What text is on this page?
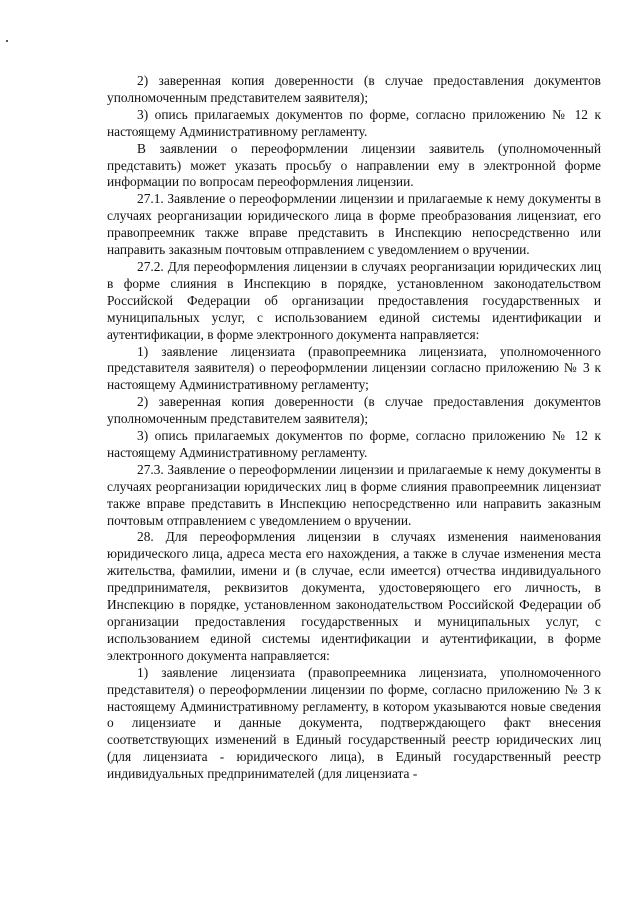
2) заверенная копия доверенности (в случае предоставления документов уполномоченным представителем заявителя);

3) опись прилагаемых документов по форме, согласно приложению № 12 к настоящему Административному регламенту.

В заявлении о переоформлении лицензии заявитель (уполномоченный представить) может указать просьбу о направлении ему в электронной форме информации по вопросам переоформления лицензии.

27.1. Заявление о переоформлении лицензии и прилагаемые к нему документы в случаях реорганизации юридического лица в форме преобразования лицензиат, его правопреемник также вправе представить в Инспекцию непосредственно или направить заказным почтовым отправлением с уведомлением о вручении.

27.2. Для переоформления лицензии в случаях реорганизации юридических лиц в форме слияния в Инспекцию в порядке, установленном законодательством Российской Федерации об организации предоставления государственных и муниципальных услуг, с использованием единой системы идентификации и аутентификации, в форме электронного документа направляется:

1) заявление лицензиата (правопреемника лицензиата, уполномоченного представителя заявителя) о переоформлении лицензии согласно приложению № 3 к настоящему Административному регламенту;

2) заверенная копия доверенности (в случае предоставления документов уполномоченным представителем заявителя);

3) опись прилагаемых документов по форме, согласно приложению № 12 к настоящему Административному регламенту.

27.3. Заявление о переоформлении лицензии и прилагаемые к нему документы в случаях реорганизации юридических лиц в форме слияния правопреемник лицензиат также вправе представить в Инспекцию непосредственно или направить заказным почтовым отправлением с уведомлением о вручении.

28. Для переоформления лицензии в случаях изменения наименования юридического лица, адреса места его нахождения, а также в случае изменения места жительства, фамилии, имени и (в случае, если имеется) отчества индивидуального предпринимателя, реквизитов документа, удостоверяющего его личность, в Инспекцию в порядке, установленном законодательством Российской Федерации об организации предоставления государственных и муниципальных услуг, с использованием единой системы идентификации и аутентификации, в форме электронного документа направляется:

1) заявление лицензиата (правопреемника лицензиата, уполномоченного представителя) о переоформлении лицензии по форме, согласно приложению № 3 к настоящему Административному регламенту, в котором указываются новые сведения о лицензиате и данные документа, подтверждающего факт внесения соответствующих изменений в Единый государственный реестр юридических лиц (для лицензиата - юридического лица), в Единый государственный реестр индивидуальных предпринимателей (для лицензиата -
